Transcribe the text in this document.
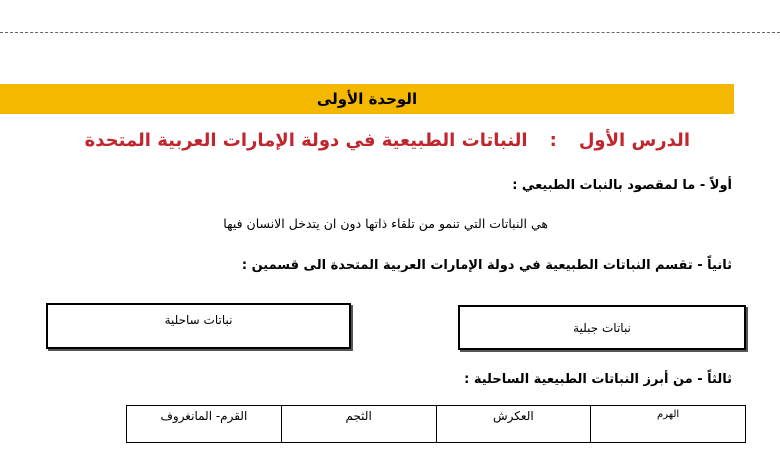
الوحدة الأولى
الدرس الأول:النباتات الطبيعية في دولة الإمارات العربية المتحدة
أولاً - ما لمقصود بالنبات الطبيعي :
هي النباتات التي تنمو من تلقاء ذاتها دون ان يتدخل الانسان فيها
ثانياً - تقسم النباتات الطبيعية في دولة الإمارات العربية المتحدة الى قسمين :
نباتات جبلية
نباتات ساحلية
ثالثاً - من أبرز النباتات الطبيعية الساحلية :
الهرم	العكرش	الثجم	القرم- المانغروف
